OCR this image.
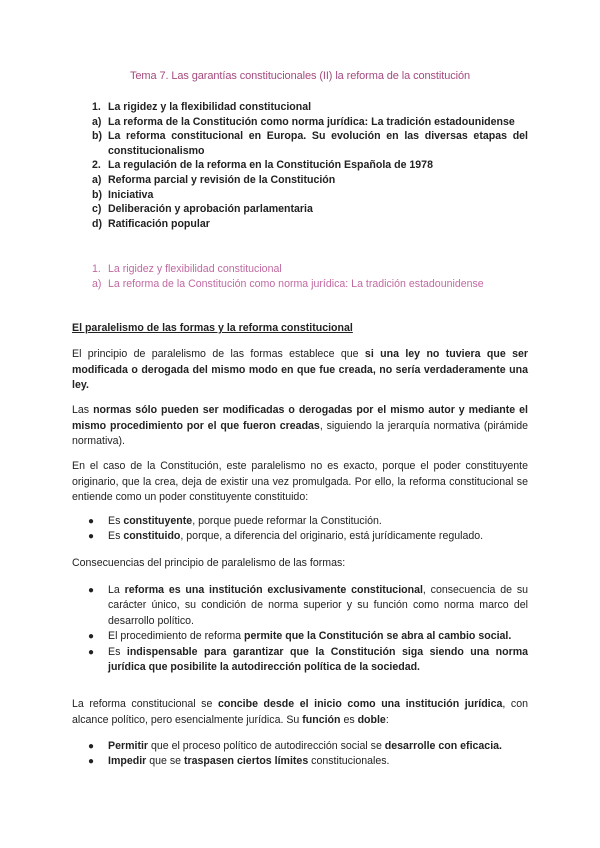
Tema 7. Las garantías constitucionales (II) la reforma de la constitución
1. La rigidez y la flexibilidad constitucional
a) La reforma de la Constitución como norma jurídica: La tradición estadounidense
b) La reforma constitucional en Europa. Su evolución en las diversas etapas del constitucionalismo
2. La regulación de la reforma en la Constitución Española de 1978
a) Reforma parcial y revisión de la Constitución
b) Iniciativa
c) Deliberación y aprobación parlamentaria
d) Ratificación popular
1. La rigidez y flexibilidad constitucional
a) La reforma de la Constitución como norma jurídica: La tradición estadounidense
El paralelismo de las formas y la reforma constitucional
El principio de paralelismo de las formas establece que si una ley no tuviera que ser modificada o derogada del mismo modo en que fue creada, no sería verdaderamente una ley.
Las normas sólo pueden ser modificadas o derogadas por el mismo autor y mediante el mismo procedimiento por el que fueron creadas, siguiendo la jerarquía normativa (pirámide normativa).
En el caso de la Constitución, este paralelismo no es exacto, porque el poder constituyente originario, que la crea, deja de existir una vez promulgada. Por ello, la reforma constitucional se entiende como un poder constituyente constituido:
● Es constituyente, porque puede reformar la Constitución.
● Es constituido, porque, a diferencia del originario, está jurídicamente regulado.
Consecuencias del principio de paralelismo de las formas:
● La reforma es una institución exclusivamente constitucional, consecuencia de su carácter único, su condición de norma superior y su función como norma marco del desarrollo político.
● El procedimiento de reforma permite que la Constitución se abra al cambio social.
● Es indispensable para garantizar que la Constitución siga siendo una norma jurídica que posibilite la autodirección política de la sociedad.
La reforma constitucional se concibe desde el inicio como una institución jurídica, con alcance político, pero esencialmente jurídica. Su función es doble:
● Permitir que el proceso político de autodirección social se desarrolle con eficacia.
● Impedir que se traspasen ciertos límites constitucionales.
